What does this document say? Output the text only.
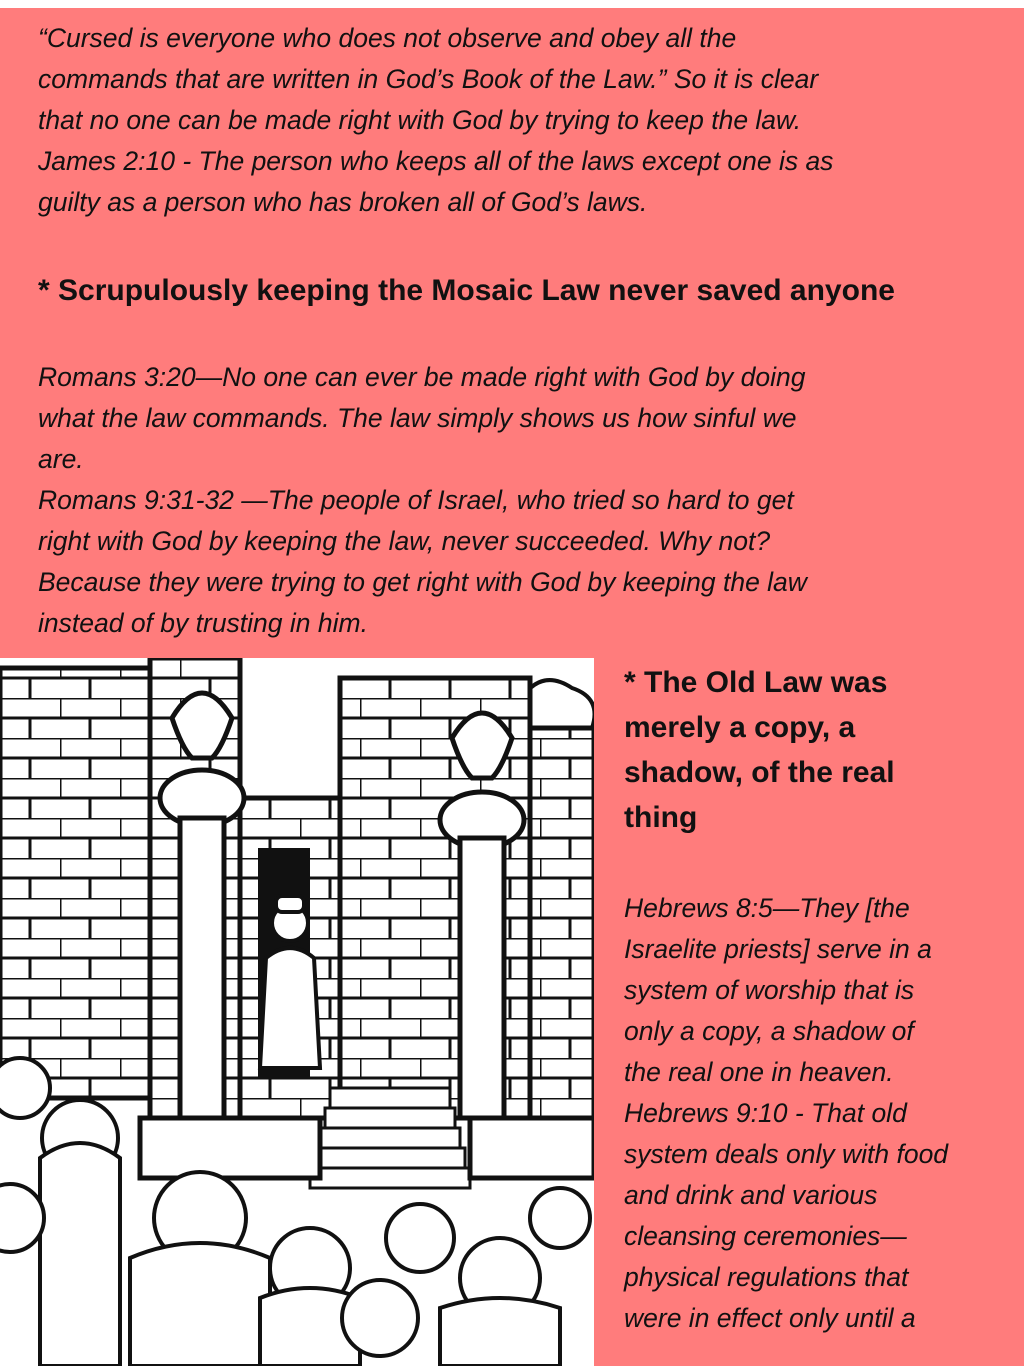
“Cursed is everyone who does not observe and obey all the
commands that are written in God’s Book of the Law.” So it is clear
that no one can be made right with God by trying to keep the law.
James 2:10 - The person who keeps all of the laws except one is as
guilty as a person who has broken all of God’s laws.
* Scrupulously keeping the Mosaic Law never saved anyone
Romans 3:20—No one can ever be made right with God by doing
what the law commands. The law simply shows us how sinful we
are.
Romans 9:31-32 —The people of Israel, who tried so hard to get
right with God by keeping the law, never succeeded. Why not?
Because they were trying to get right with God by keeping the law
instead of by trusting in him.
* The Old Law was
merely a copy, a
shadow, of the real
thing
Hebrews 8:5—They [the
Israelite priests] serve in a
system of worship that is
only a copy, a shadow of
the real one in heaven.
Hebrews 9:10 - That old
system deals only with food
and drink and various
cleansing ceremonies—
physical regulations that
were in effect only until a
